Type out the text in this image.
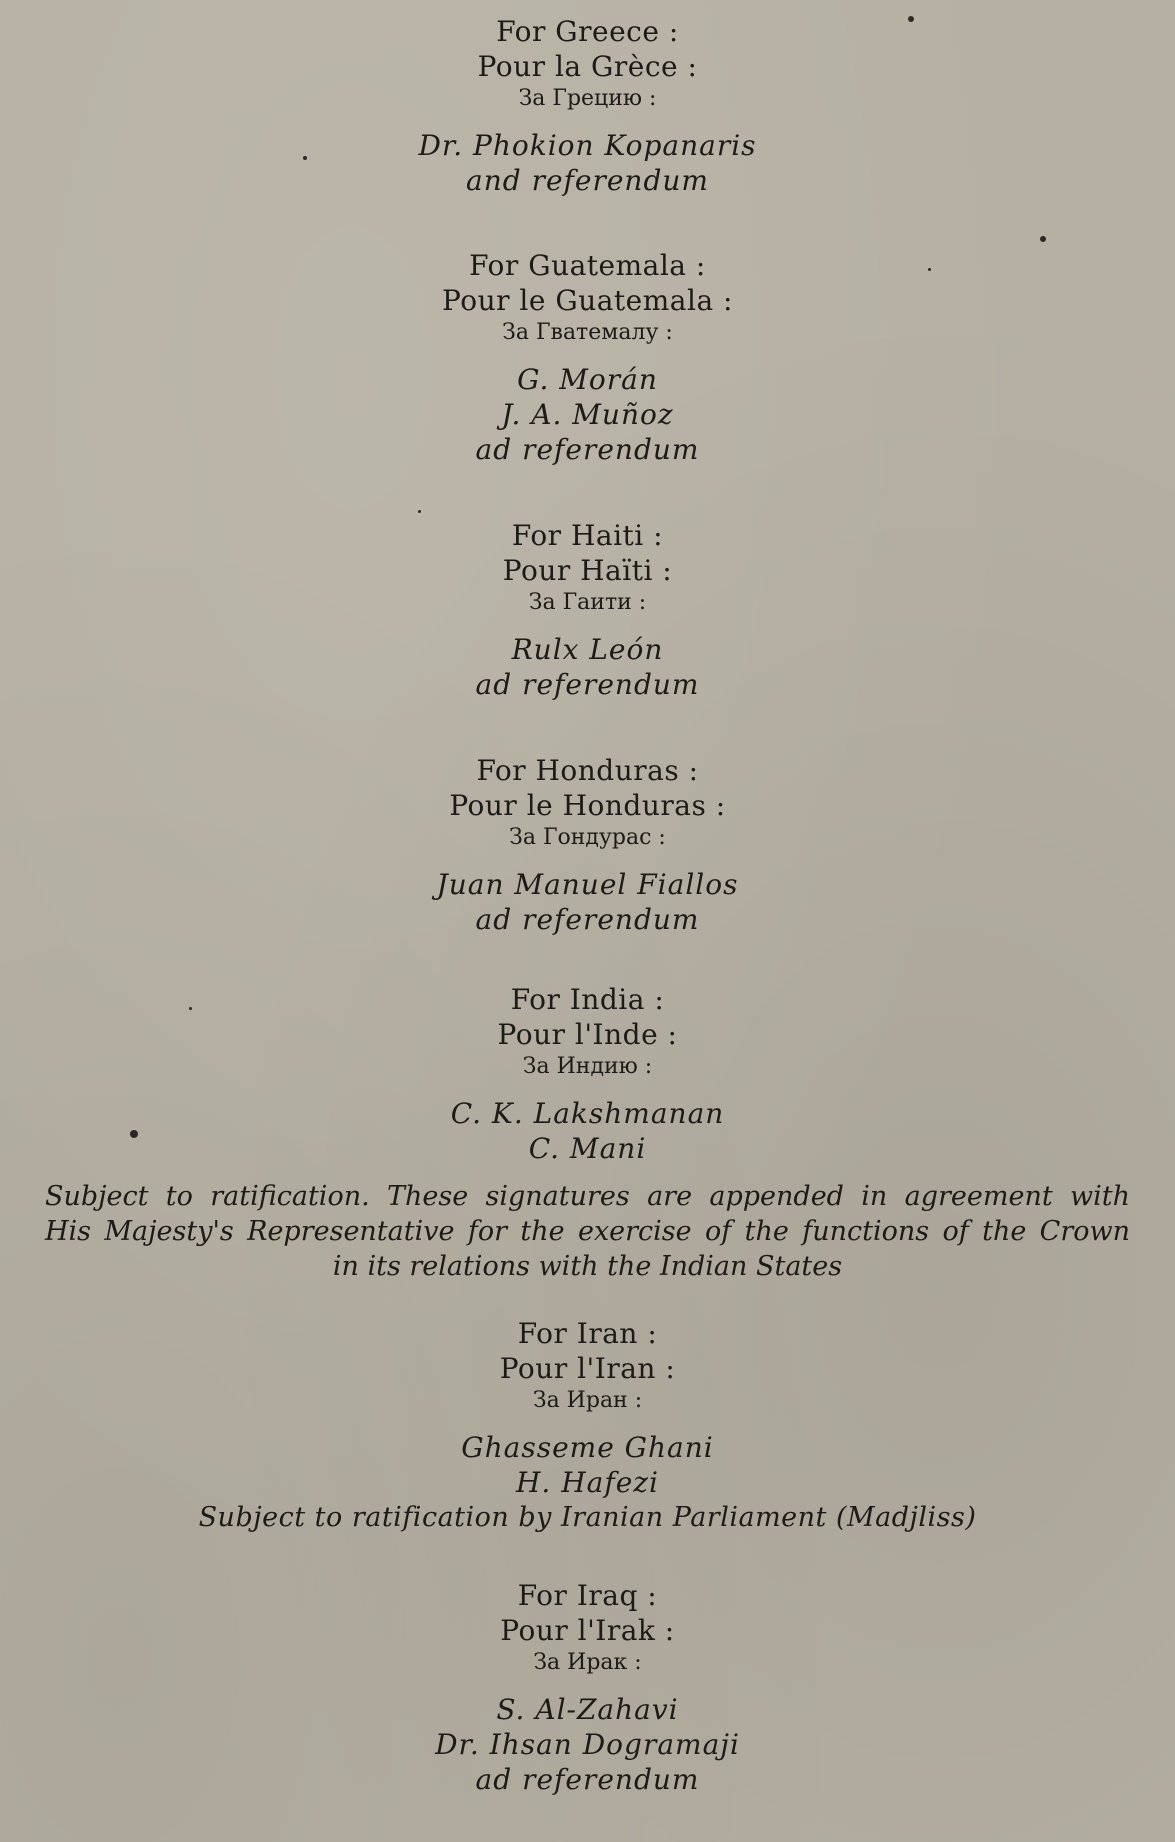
For Greece :
Pour la Grèce :
За Грецию :
Dr. Phokion Kopanaris
and referendum
For Guatemala :
Pour le Guatemala :
За Гватемалу :
G. Morán
J. A. Muñoz
ad referendum
For Haiti :
Pour Haïti :
За Гаити :
Rulx León
ad referendum
For Honduras :
Pour le Honduras :
За Гондурас :
Juan Manuel Fiallos
ad referendum
For India :
Pour l'Inde :
За Индию :
C. K. Lakshmanan
C. Mani
Subject to ratification. These signatures are appended in agreement with
His Majesty's Representative for the exercise of the functions of the Crown
in its relations with the Indian States
For Iran :
Pour l'Iran :
За Иран :
Ghasseme Ghani
H. Hafezi
Subject to ratification by Iranian Parliament (Madjliss)
For Iraq :
Pour l'Irak :
За Ирак :
S. Al-Zahavi
Dr. Ihsan Dogramaji
ad referendum
